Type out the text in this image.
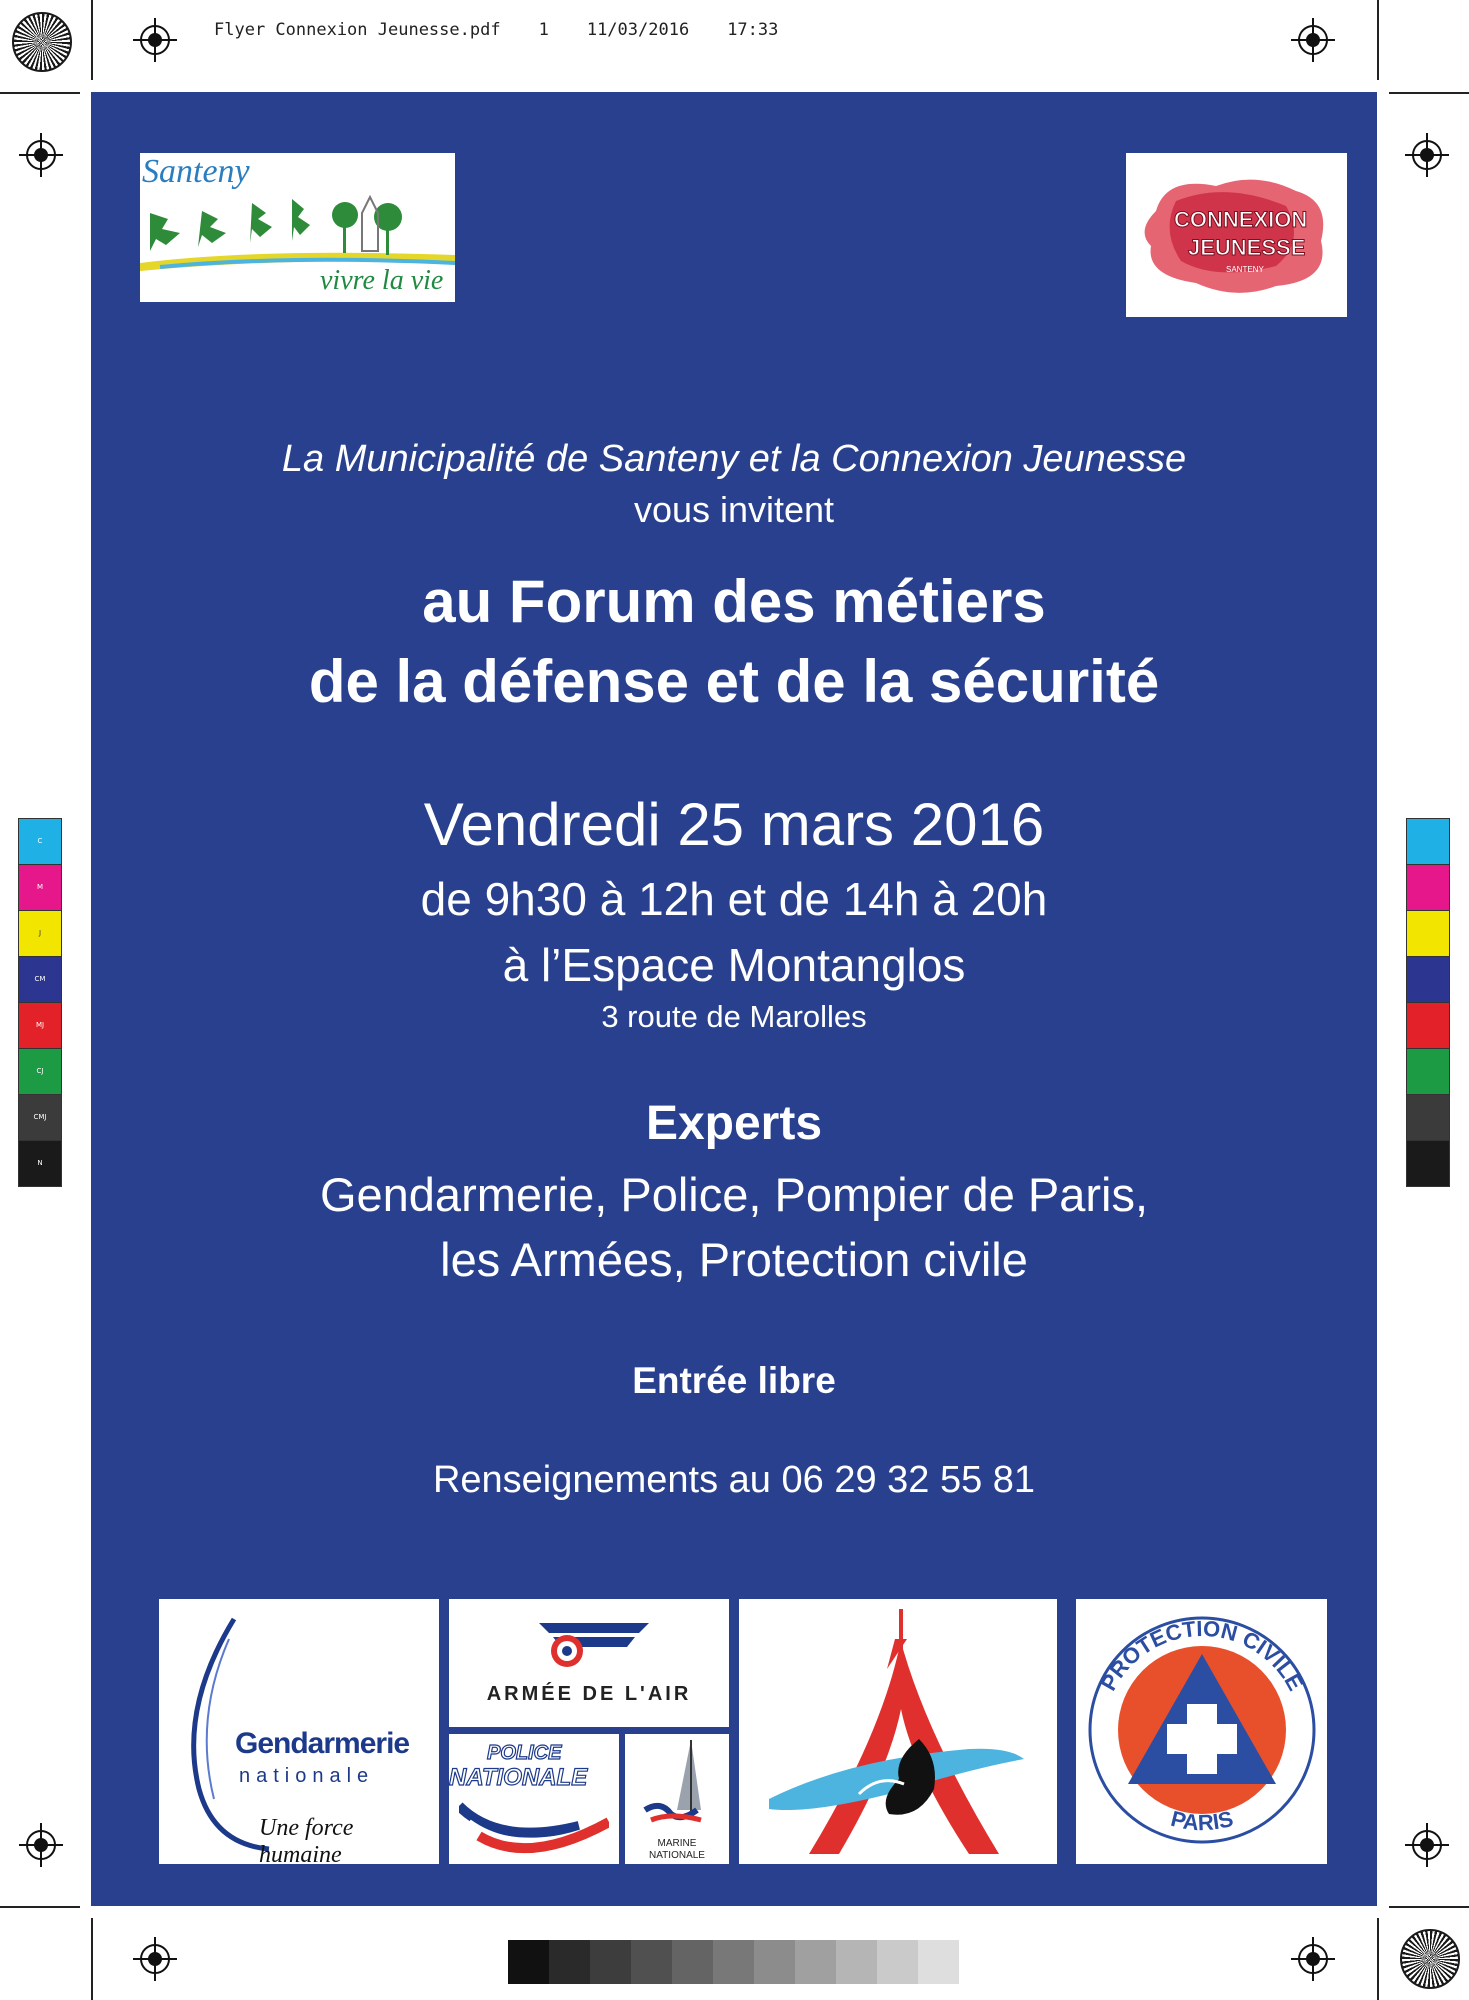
Flyer Connexion Jeunesse.pdf 1 11/03/2016 17:33
C
M
J
CM
MJ
CJ
CMJ
N
Santeny
vivre la vie
CONNEXION
JEUNESSE
SANTENY
La Municipalité de Santeny et la Connexion Jeunesse
vous invitent
au Forum des métiers
de la défense et de la sécurité
Vendredi 25 mars 2016
de 9h30 à 12h et de 14h à 20h
à l’Espace Montanglos
3 route de Marolles
Experts
Gendarmerie, Police, Pompier de Paris,
les Armées, Protection civile
Entrée libre
Renseignements au 06 29 32 55 81
Gendarmerie
nationale
Une force humaine
ARMÉE DE L'AIR
POLICE
NATIONALE
MARINE
NATIONALE
PROTECTION CIVILE
PARIS
